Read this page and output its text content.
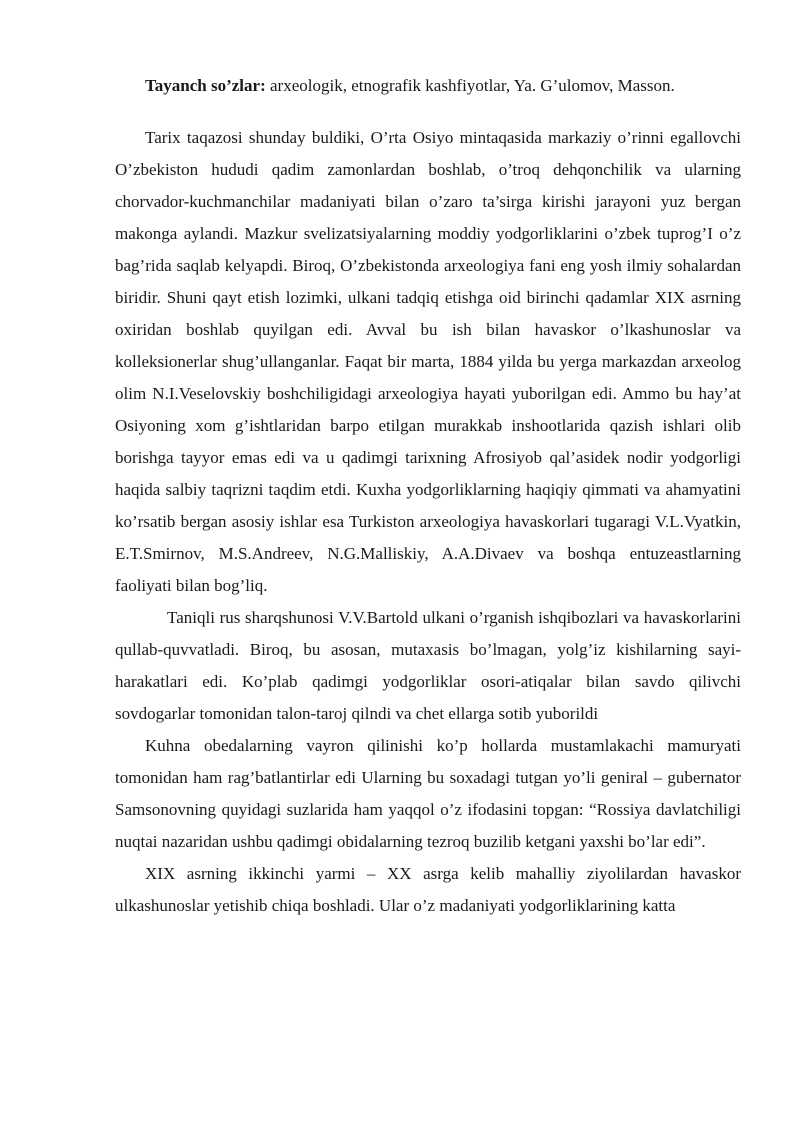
Tayanch so’zlar: arxeologik, etnografik kashfiyotlar, Ya. G’ulomov, Masson.

Tarix taqazosi shunday buldiki, O’rta Osiyo mintaqasida markaziy o’rinni egallovchi O’zbekiston hududi qadim zamonlardan boshlab, o’troq dehqonchilik va ularning chorvador-kuchmanchilar madaniyati bilan o’zaro ta’sirga kirishi jarayoni yuz bergan makonga aylandi. Mazkur svelizatsiyalarning moddiy yodgorliklarini o’zbek tuprog’I o’z bag’rida saqlab kelyapdi. Biroq, O’zbekistonda arxeologiya fani eng yosh ilmiy sohalardan biridir. Shuni qayt etish lozimki, ulkani tadqiq etishga oid birinchi qadamlar XIX asrning oxiridan boshlab quyilgan edi. Avval bu ish bilan havaskor o’lkashunoslar va kolleksionerlar shug’ullanganlar. Faqat bir marta, 1884 yilda bu yerga markazdan arxeolog olim N.I.Veselovskiy boshchiligidagi arxeologiya hayati yuborilgan edi. Ammo bu hay’at Osiyoning xom g’ishtlaridan barpo etilgan murakkab inshootlarida qazish ishlari olib borishga tayyor emas edi va u qadimgi tarixning Afrosiyob qal’asidek nodir yodgorligi haqida salbiy taqrizni taqdim etdi. Kuxha yodgorliklarning haqiqiy qimmati va ahamyatini ko’rsatib bergan asosiy ishlar esa Turkiston arxeologiya havaskorlari tugaragi V.L.Vyatkin, E.T.Smirnov, M.S.Andreev, N.G.Malliskiy, A.A.Divaev va boshqa entuzeastlarning faoliyati bilan bog’liq.

Taniqli rus sharqshunosi V.V.Bartold ulkani o’rganish ishqibozlari va havaskorlarini qullab-quvvatladi. Biroq, bu asosan, mutaxasis bo’lmagan, yolg’iz kishilarning sayi-harakatlari edi. Ko’plab qadimgi yodgorliklar osori-atiqalar bilan savdo qilivchi sovdogarlar tomonidan talon-taroj qilndi va chet ellarga sotib yuborildi

Kuhna obedalarning vayron qilinishi ko’p hollarda mustamlakachi mamuryati tomonidan ham rag’batlantirlar edi Ularning bu soxadagi tutgan yo’li geniral – gubernator Samsonovning quyidagi suzlarida ham yaqqol o’z ifodasini topgan: “Rossiya davlatchiligi nuqtai nazaridan ushbu qadimgi obidalarning tezroq buzilib ketgani yaxshi bo’lar edi”.

XIX asrning ikkinchi yarmi – XX asrga kelib mahalliy ziyolilardan havaskor ulkashunoslar yetishib chiqa boshladi. Ular o’z madaniyati yodgorliklarining katta
